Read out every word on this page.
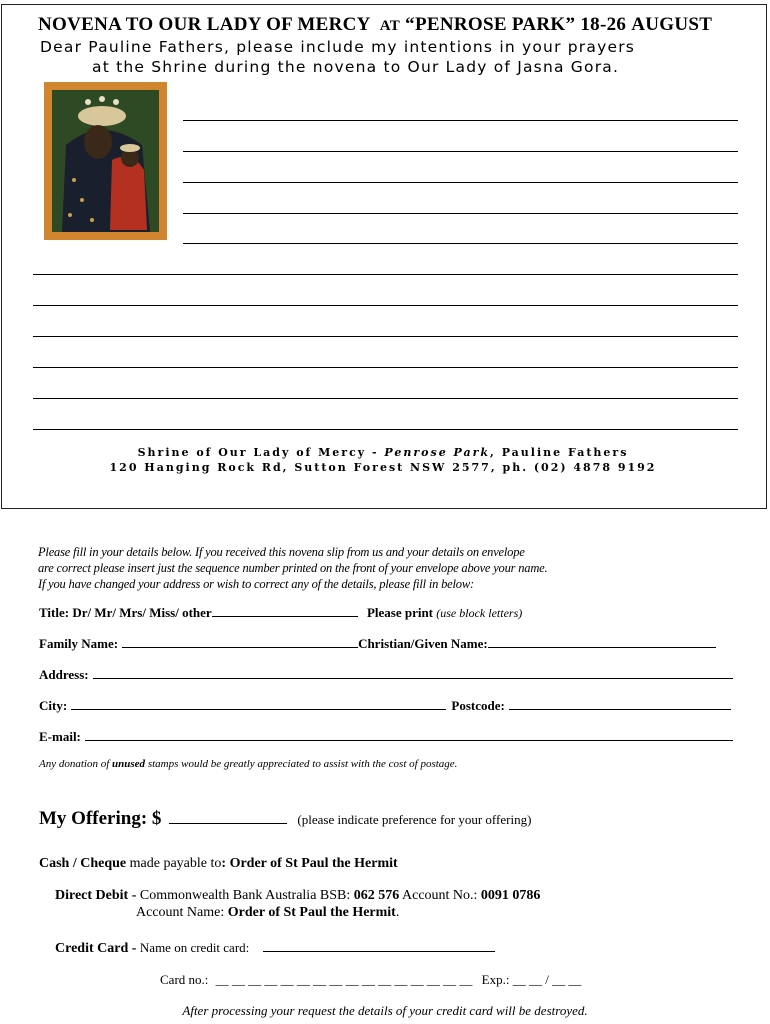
NOVENA TO OUR LADY OF MERCY AT “PENROSE PARK” 18-26 AUGUST
Dear Pauline Fathers, please include my intentions in your prayers
at the Shrine during the novena to Our Lady of Jasna Gora.
Shrine of Our Lady of Mercy - Penrose Park, Pauline Fathers
120 Hanging Rock Rd, Sutton Forest NSW 2577, ph. (02) 4878 9192
Please fill in your details below. If you received this novena slip from us and your details on envelope
are correct please insert just the sequence number printed on the front of your envelope above your name.
If you have changed your address or wish to correct any of the details, please fill in below:
Title: Dr/ Mr/ Mrs/ Miss/ other	Please print (use block letters)
Family Name:	Christian/Given Name:
Address:
City:	Postcode:
E-mail:
Any donation of unused stamps would be greatly appreciated to assist with the cost of postage.
My Offering: $	(please indicate preference for your offering)
Cash / Cheque made payable to: Order of St Paul the Hermit
Direct Debit - Commonwealth Bank Australia BSB: 062 576 Account No.: 0091 0786
Account Name: Order of St Paul the Hermit.
Credit Card - Name on credit card:
Card no.: __ __ __ __ __ __ __ __ __ __ __ __ __ __ __ __ Exp.: __ __ / __ __
After processing your request the details of your credit card will be destroyed.
